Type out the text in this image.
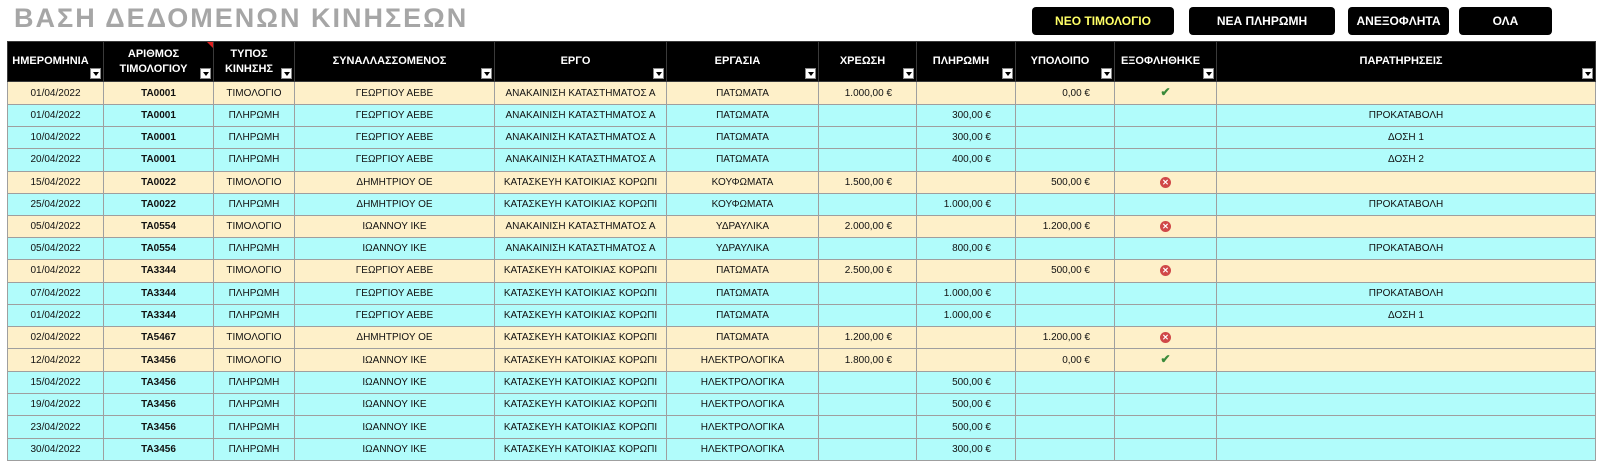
ΒΑΣΗ ΔΕΔΟΜΕΝΩΝ ΚΙΝΗΣΕΩΝ	ΝΕΟ ΤΙΜΟΛΟΓΙΟ	ΝΕΑ ΠΛΗΡΩΜΗ	ΑΝΕΞΟΦΛΗΤΑ	ΟΛΑ
ΗΜΕΡΟΜΗΝΙΑ	ΑΡΙΘΜΟΣ ΤΙΜΟΛΟΓΙΟΥ	ΤΥΠΟΣ ΚΙΝΗΣΗΣ	ΣΥΝΑΛΛΑΣΣΟΜΕΝΟΣ	ΕΡΓΟ	ΕΡΓΑΣΙΑ	ΧΡΕΩΣΗ	ΠΛΗΡΩΜΗ	ΥΠΟΛΟΙΠΟ	ΕΞΟΦΛΗΘΗΚΕ	ΠΑΡΑΤΗΡΗΣΕΙΣ

01/04/2022	TA0001	ΤΙΜΟΛΟΓΙΟ	ΓΕΩΡΓΙΟΥ ΑΕΒΕ	ΑΝΑΚΑΙΝΙΣΗ ΚΑΤΑΣΤΗΜΑΤΟΣ Α	ΠΑΤΩΜΑΤΑ	1.000,00 €		0,00 €	✔	
01/04/2022	TA0001	ΠΛΗΡΩΜΗ	ΓΕΩΡΓΙΟΥ ΑΕΒΕ	ΑΝΑΚΑΙΝΙΣΗ ΚΑΤΑΣΤΗΜΑΤΟΣ Α	ΠΑΤΩΜΑΤΑ		300,00 €			ΠΡΟΚΑΤΑΒΟΛΗ
10/04/2022	TA0001	ΠΛΗΡΩΜΗ	ΓΕΩΡΓΙΟΥ ΑΕΒΕ	ΑΝΑΚΑΙΝΙΣΗ ΚΑΤΑΣΤΗΜΑΤΟΣ Α	ΠΑΤΩΜΑΤΑ		300,00 €			ΔΟΣΗ 1
20/04/2022	TA0001	ΠΛΗΡΩΜΗ	ΓΕΩΡΓΙΟΥ ΑΕΒΕ	ΑΝΑΚΑΙΝΙΣΗ ΚΑΤΑΣΤΗΜΑΤΟΣ Α	ΠΑΤΩΜΑΤΑ		400,00 €			ΔΟΣΗ 2
15/04/2022	TA0022	ΤΙΜΟΛΟΓΙΟ	ΔΗΜΗΤΡΙΟΥ ΟΕ	ΚΑΤΑΣΚΕΥΗ ΚΑΤΟΙΚΙΑΣ ΚΟΡΩΠΙ	ΚΟΥΦΩΜΑΤΑ	1.500,00 €		500,00 €	✕	
25/04/2022	TA0022	ΠΛΗΡΩΜΗ	ΔΗΜΗΤΡΙΟΥ ΟΕ	ΚΑΤΑΣΚΕΥΗ ΚΑΤΟΙΚΙΑΣ ΚΟΡΩΠΙ	ΚΟΥΦΩΜΑΤΑ		1.000,00 €			ΠΡΟΚΑΤΑΒΟΛΗ
05/04/2022	TA0554	ΤΙΜΟΛΟΓΙΟ	ΙΩΑΝΝΟΥ ΙΚΕ	ΑΝΑΚΑΙΝΙΣΗ ΚΑΤΑΣΤΗΜΑΤΟΣ Α	ΥΔΡΑΥΛΙΚΑ	2.000,00 €		1.200,00 €	✕	
05/04/2022	TA0554	ΠΛΗΡΩΜΗ	ΙΩΑΝΝΟΥ ΙΚΕ	ΑΝΑΚΑΙΝΙΣΗ ΚΑΤΑΣΤΗΜΑΤΟΣ Α	ΥΔΡΑΥΛΙΚΑ		800,00 €			ΠΡΟΚΑΤΑΒΟΛΗ
01/04/2022	TA3344	ΤΙΜΟΛΟΓΙΟ	ΓΕΩΡΓΙΟΥ ΑΕΒΕ	ΚΑΤΑΣΚΕΥΗ ΚΑΤΟΙΚΙΑΣ ΚΟΡΩΠΙ	ΠΑΤΩΜΑΤΑ	2.500,00 €		500,00 €	✕	
07/04/2022	TA3344	ΠΛΗΡΩΜΗ	ΓΕΩΡΓΙΟΥ ΑΕΒΕ	ΚΑΤΑΣΚΕΥΗ ΚΑΤΟΙΚΙΑΣ ΚΟΡΩΠΙ	ΠΑΤΩΜΑΤΑ		1.000,00 €			ΠΡΟΚΑΤΑΒΟΛΗ
01/04/2022	TA3344	ΠΛΗΡΩΜΗ	ΓΕΩΡΓΙΟΥ ΑΕΒΕ	ΚΑΤΑΣΚΕΥΗ ΚΑΤΟΙΚΙΑΣ ΚΟΡΩΠΙ	ΠΑΤΩΜΑΤΑ		1.000,00 €			ΔΟΣΗ 1
02/04/2022	TA5467	ΤΙΜΟΛΟΓΙΟ	ΔΗΜΗΤΡΙΟΥ ΟΕ	ΚΑΤΑΣΚΕΥΗ ΚΑΤΟΙΚΙΑΣ ΚΟΡΩΠΙ	ΠΑΤΩΜΑΤΑ	1.200,00 €		1.200,00 €	✕	
12/04/2022	TA3456	ΤΙΜΟΛΟΓΙΟ	ΙΩΑΝΝΟΥ ΙΚΕ	ΚΑΤΑΣΚΕΥΗ ΚΑΤΟΙΚΙΑΣ ΚΟΡΩΠΙ	ΗΛΕΚΤΡΟΛΟΓΙΚΑ	1.800,00 €		0,00 €	✔	
15/04/2022	TA3456	ΠΛΗΡΩΜΗ	ΙΩΑΝΝΟΥ ΙΚΕ	ΚΑΤΑΣΚΕΥΗ ΚΑΤΟΙΚΙΑΣ ΚΟΡΩΠΙ	ΗΛΕΚΤΡΟΛΟΓΙΚΑ		500,00 €			
19/04/2022	TA3456	ΠΛΗΡΩΜΗ	ΙΩΑΝΝΟΥ ΙΚΕ	ΚΑΤΑΣΚΕΥΗ ΚΑΤΟΙΚΙΑΣ ΚΟΡΩΠΙ	ΗΛΕΚΤΡΟΛΟΓΙΚΑ		500,00 €			
23/04/2022	TA3456	ΠΛΗΡΩΜΗ	ΙΩΑΝΝΟΥ ΙΚΕ	ΚΑΤΑΣΚΕΥΗ ΚΑΤΟΙΚΙΑΣ ΚΟΡΩΠΙ	ΗΛΕΚΤΡΟΛΟΓΙΚΑ		500,00 €			
30/04/2022	TA3456	ΠΛΗΡΩΜΗ	ΙΩΑΝΝΟΥ ΙΚΕ	ΚΑΤΑΣΚΕΥΗ ΚΑΤΟΙΚΙΑΣ ΚΟΡΩΠΙ	ΗΛΕΚΤΡΟΛΟΓΙΚΑ		300,00 €			
